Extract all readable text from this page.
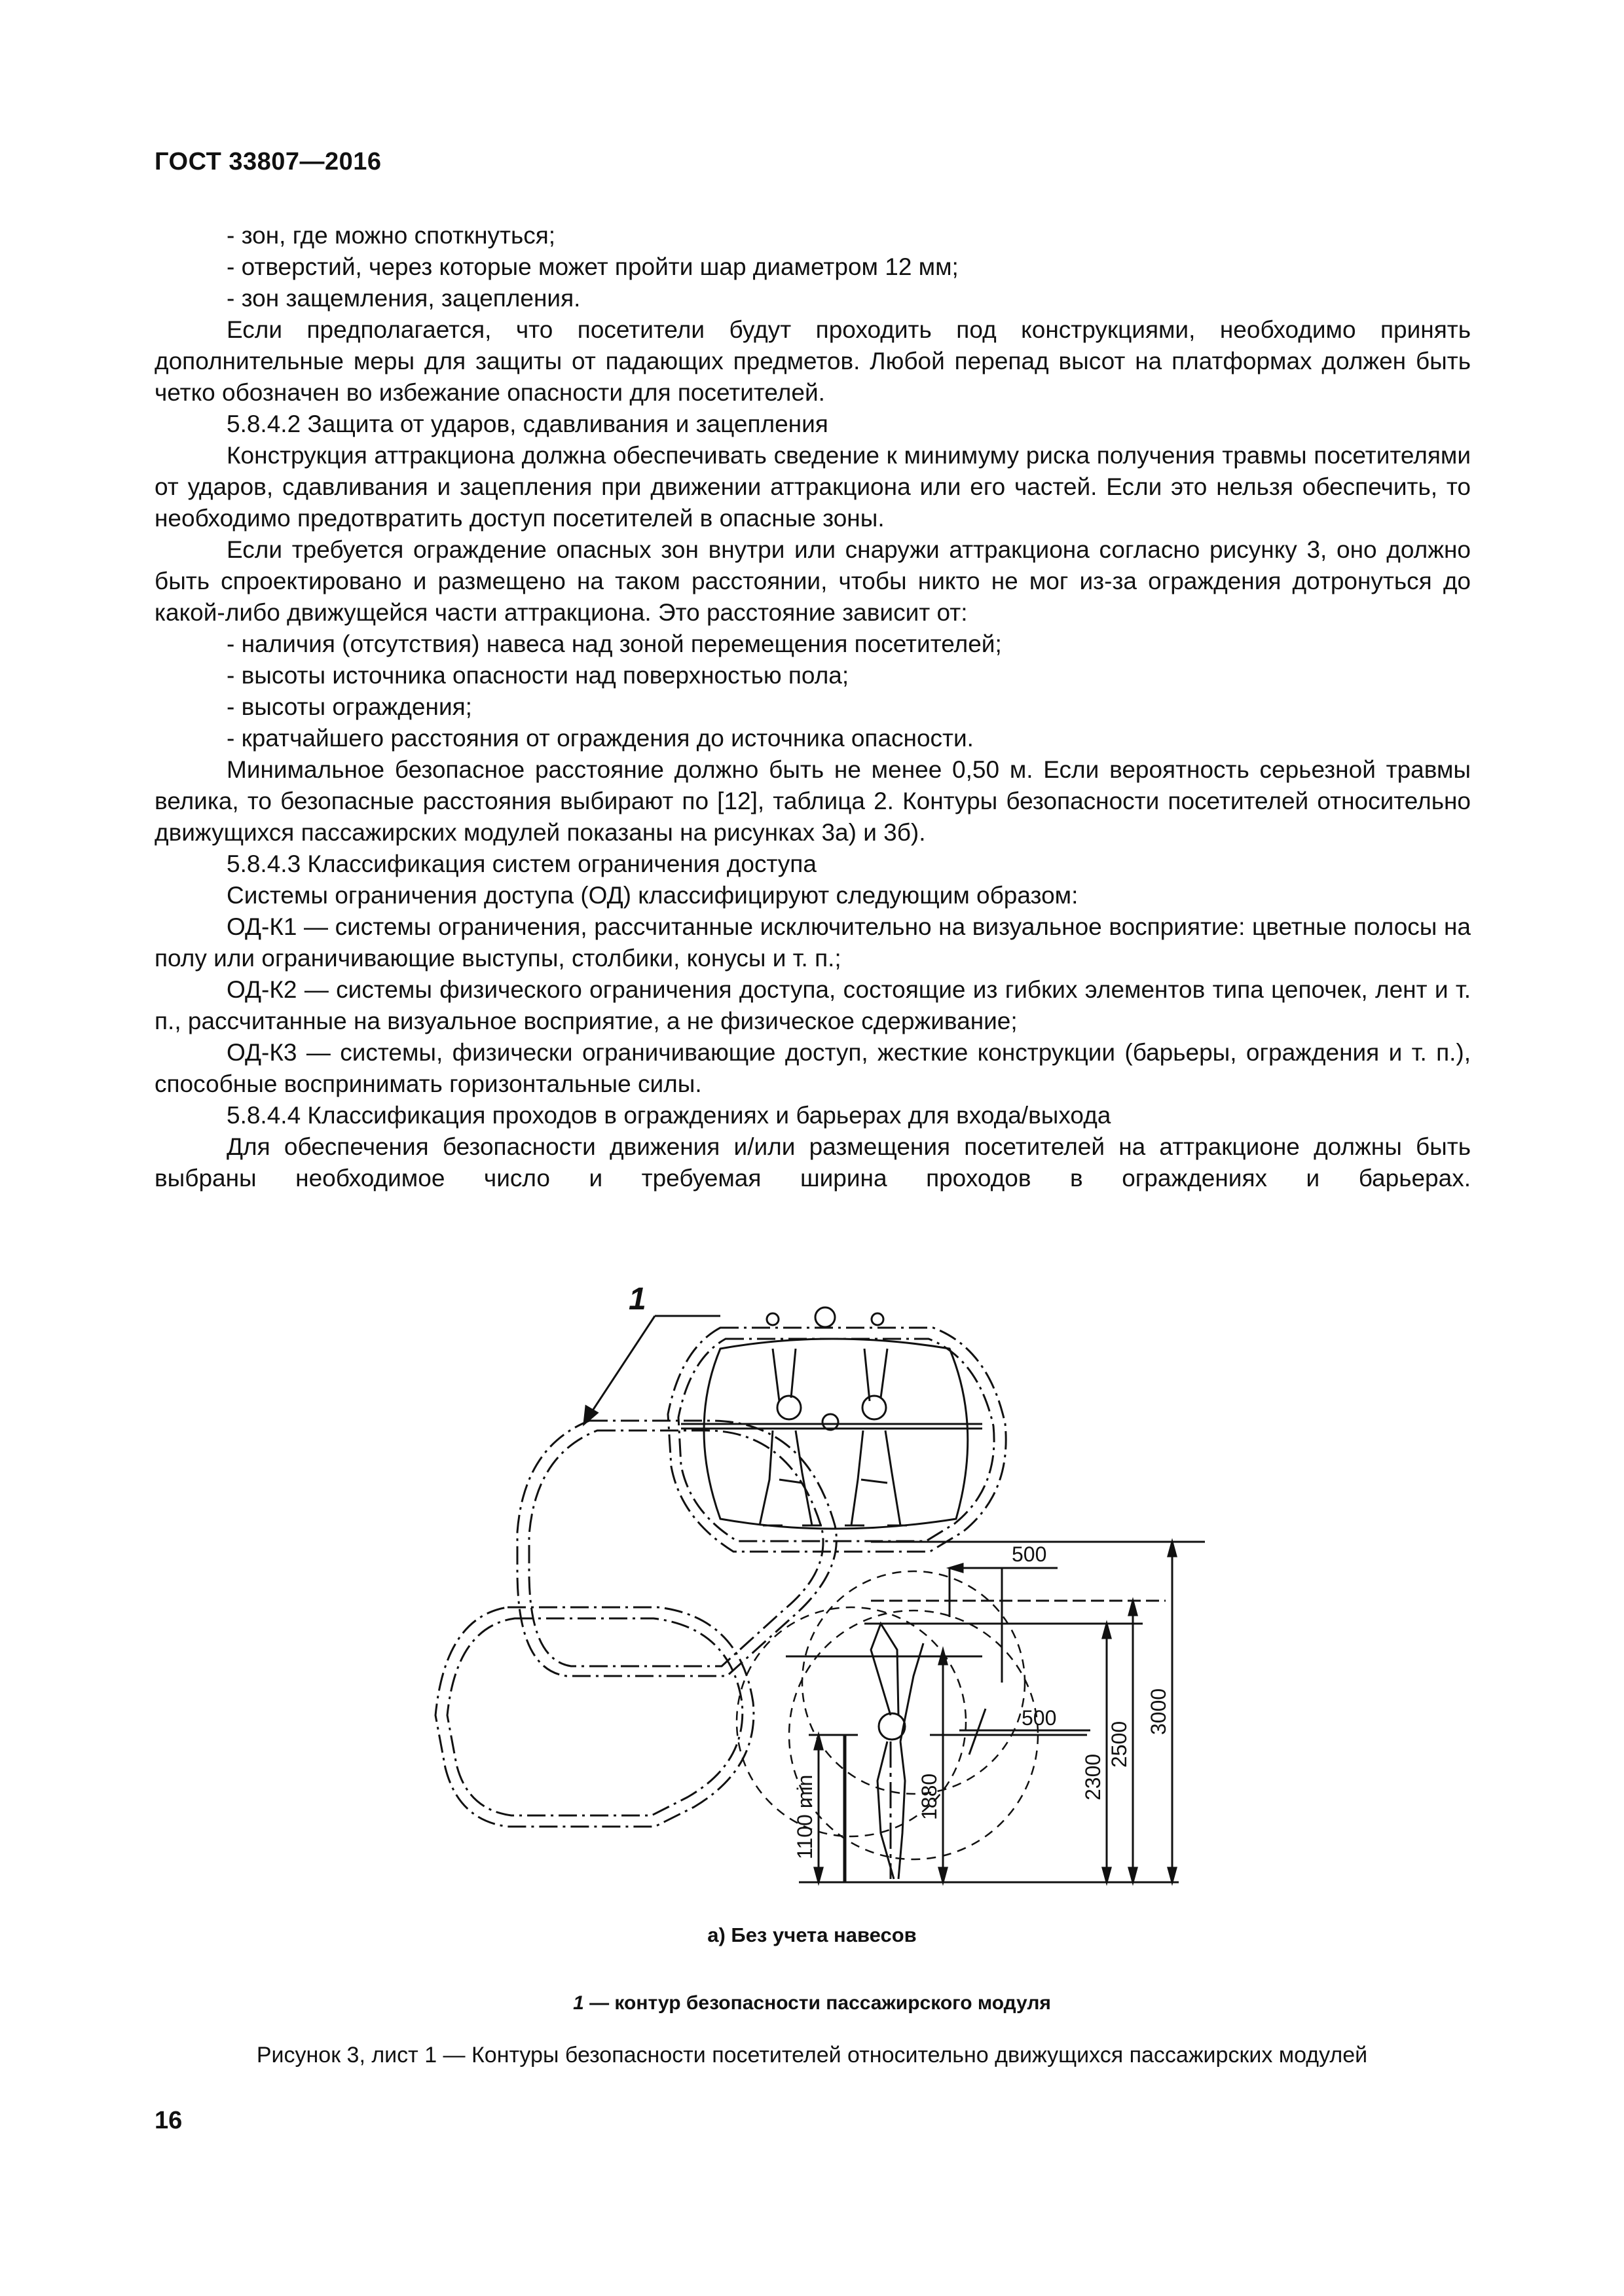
ГОСТ 33807—2016

- зон, где можно споткнуться;

- отверстий, через которые может пройти шар диаметром 12 мм;

- зон защемления, зацепления.

Если предполагается, что посетители будут проходить под конструкциями, необходимо принять дополнительные меры для защиты от падающих предметов. Любой перепад высот на платформах должен быть четко обозначен во избежание опасности для посетителей.

5.8.4.2 Защита от ударов, сдавливания и зацепления

Конструкция аттракциона должна обеспечивать сведение к минимуму риска получения травмы посетителями от ударов, сдавливания и зацепления при движении аттракциона или его частей. Если это нельзя обеспечить, то необходимо предотвратить доступ посетителей в опасные зоны.

Если требуется ограждение опасных зон внутри или снаружи аттракциона согласно рисунку 3, оно должно быть спроектировано и размещено на таком расстоянии, чтобы никто не мог из-за ограждения дотронуться до какой-либо движущейся части аттракциона. Это расстояние зависит от:

- наличия (отсутствия) навеса над зоной перемещения посетителей;

- высоты источника опасности над поверхностью пола;

- высоты ограждения;

- кратчайшего расстояния от ограждения до источника опасности.

Минимальное безопасное расстояние должно быть не менее 0,50 м. Если вероятность серьезной травмы велика, то безопасные расстояния выбирают по [12], таблица 2. Контуры безопасности посетителей относительно движущихся пассажирских модулей показаны на рисунках 3а) и 3б).

5.8.4.3 Классификация систем ограничения доступа

Системы ограничения доступа (ОД) классифицируют следующим образом:

ОД-К1 — системы ограничения, рассчитанные исключительно на визуальное восприятие: цветные полосы на полу или ограничивающие выступы, столбики, конусы и т. п.;

ОД-К2 — системы физического ограничения доступа, состоящие из гибких элементов типа цепочек, лент и т. п., рассчитанные на визуальное восприятие, а не физическое сдерживание;

ОД-К3 — системы, физически ограничивающие доступ, жесткие конструкции (барьеры, ограждения и т. п.), способные воспринимать горизонтальные силы.

5.8.4.4 Классификация проходов в ограждениях и барьерах для входа/выхода

Для обеспечения безопасности движения и/или размещения посетителей на аттракционе должны быть выбраны необходимое число и требуемая ширина проходов в ограждениях и барьерах.

1
500
500	3000
2500
2300
1880
1100 min
а) Без учета навесов
1 — контур безопасности пассажирского модуля
Рисунок 3, лист 1 — Контуры безопасности посетителей относительно движущихся пассажирских модулей
16
